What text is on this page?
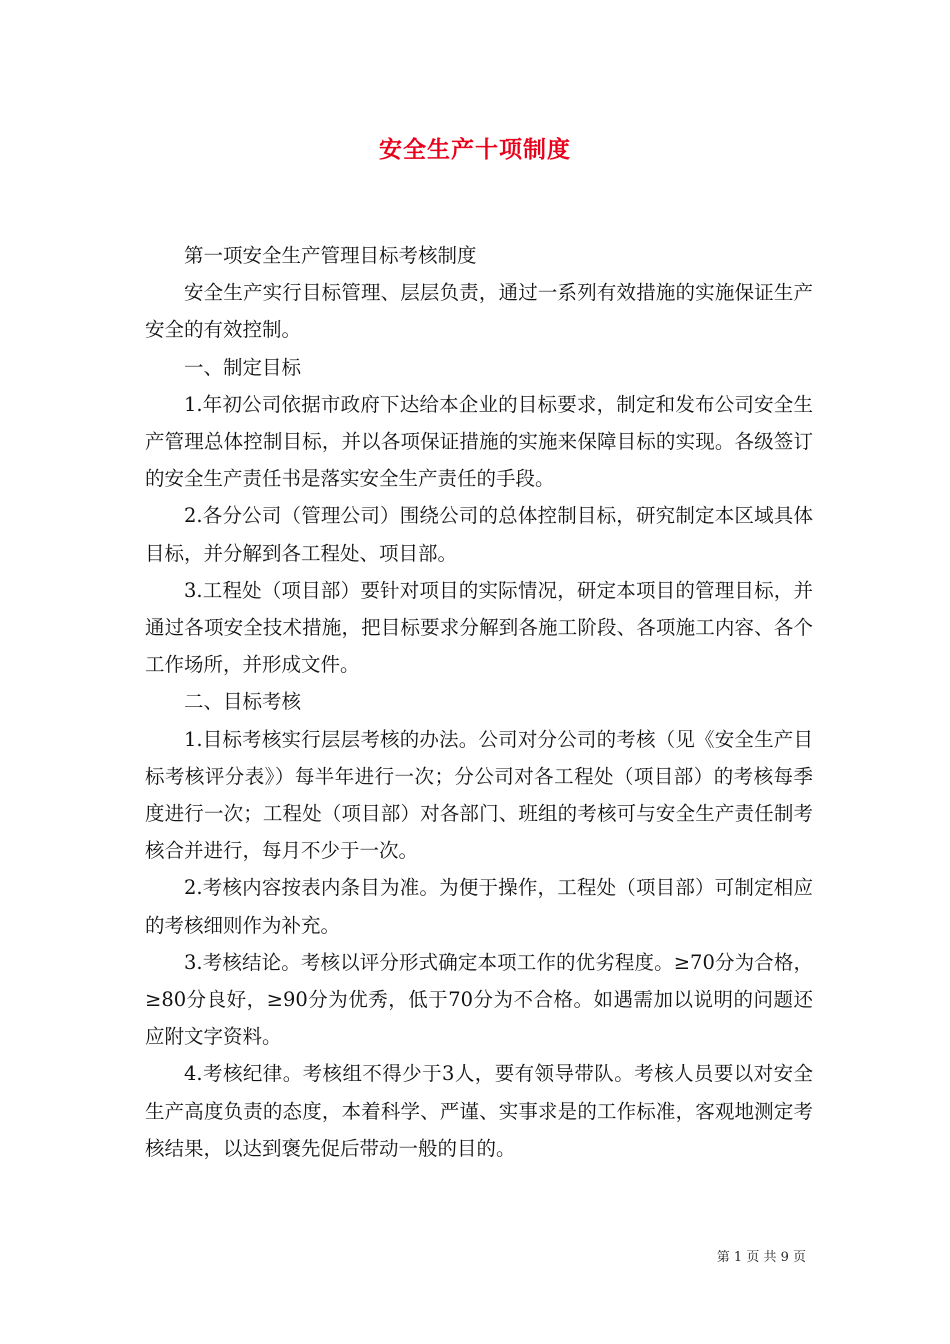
安全生产十项制度

第一项安全生产管理目标考核制度

安全生产实行目标管理、层层负责，通过一系列有效措施的实施保证生产安全的有效控制。

一、制定目标

1.年初公司依据市政府下达给本企业的目标要求，制定和发布公司安全生产管理总体控制目标，并以各项保证措施的实施来保障目标的实现。各级签订的安全生产责任书是落实安全生产责任的手段。

2.各分公司（管理公司）围绕公司的总体控制目标，研究制定本区域具体目标，并分解到各工程处、项目部。

3.工程处（项目部）要针对项目的实际情况，研定本项目的管理目标，并通过各项安全技术措施，把目标要求分解到各施工阶段、各项施工内容、各个工作场所，并形成文件。

二、目标考核

1.目标考核实行层层考核的办法。公司对分公司的考核（见《安全生产目标考核评分表》）每半年进行一次；分公司对各工程处（项目部）的考核每季度进行一次；工程处（项目部）对各部门、班组的考核可与安全生产责任制考核合并进行，每月不少于一次。

2.考核内容按表内条目为准。为便于操作，工程处（项目部）可制定相应的考核细则作为补充。

3.考核结论。考核以评分形式确定本项工作的优劣程度。≥70分为合格，≥80分良好，≥90分为优秀，低于70分为不合格。如遇需加以说明的问题还应附文字资料。

4.考核纪律。考核组不得少于3人，要有领导带队。考核人员要以对安全生产高度负责的态度，本着科学、严谨、实事求是的工作标准，客观地测定考核结果，以达到褒先促后带动一般的目的。

第 1 页 共 9 页
